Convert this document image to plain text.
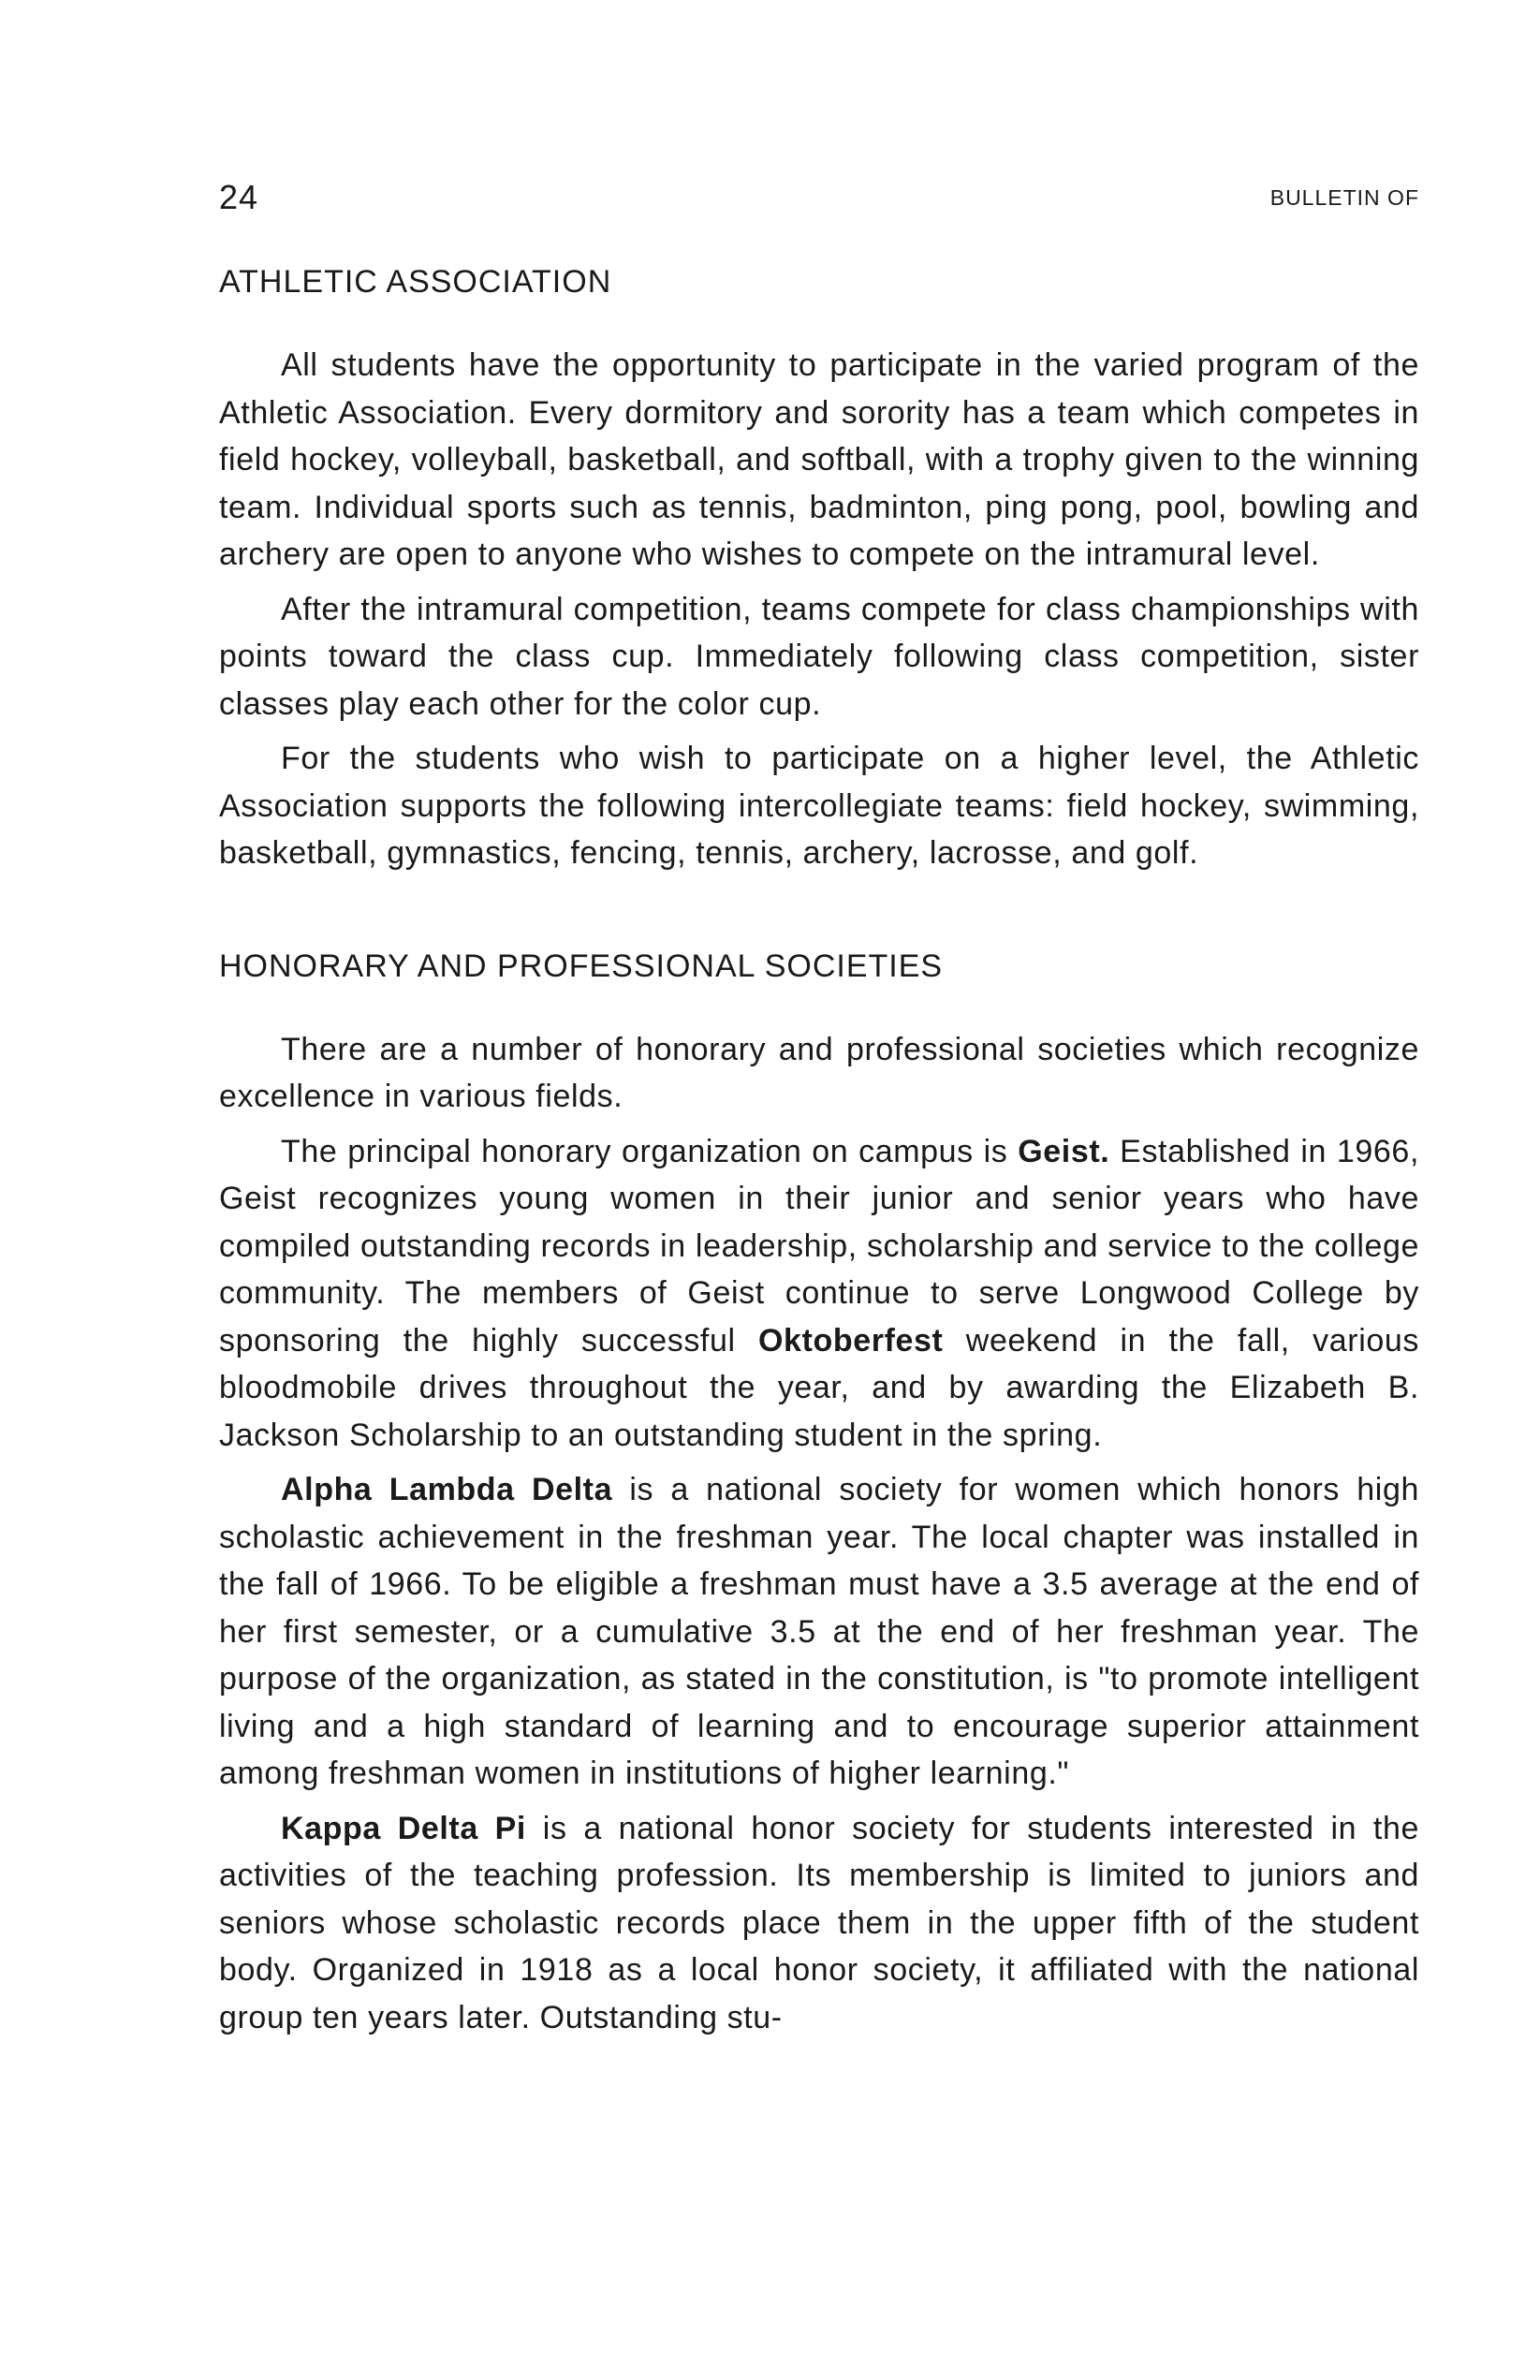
24	BULLETIN OF
ATHLETIC ASSOCIATION

All students have the opportunity to participate in the varied program of the Athletic Association. Every dormitory and sorority has a team which competes in field hockey, volleyball, basketball, and softball, with a trophy given to the winning team. Individual sports such as tennis, badminton, ping pong, pool, bowling and archery are open to anyone who wishes to compete on the intramural level.

After the intramural competition, teams compete for class championships with points toward the class cup. Immediately following class competition, sister classes play each other for the color cup.

For the students who wish to participate on a higher level, the Athletic Association supports the following intercollegiate teams: field hockey, swimming, basketball, gymnastics, fencing, tennis, archery, lacrosse, and golf.

HONORARY AND PROFESSIONAL SOCIETIES

There are a number of honorary and professional societies which recognize excellence in various fields.

The principal honorary organization on campus is Geist. Established in 1966, Geist recognizes young women in their junior and senior years who have compiled outstanding records in leadership, scholarship and service to the college community. The members of Geist continue to serve Longwood College by sponsoring the highly successful Oktoberfest weekend in the fall, various bloodmobile drives throughout the year, and by awarding the Elizabeth B. Jackson Scholarship to an outstanding student in the spring.

Alpha Lambda Delta is a national society for women which honors high scholastic achievement in the freshman year. The local chapter was installed in the fall of 1966. To be eligible a freshman must have a 3.5 average at the end of her first semester, or a cumulative 3.5 at the end of her freshman year. The purpose of the organization, as stated in the constitution, is "to promote intelligent living and a high standard of learning and to encourage superior attainment among freshman women in institutions of higher learning."

Kappa Delta Pi is a national honor society for students interested in the activities of the teaching profession. Its membership is limited to juniors and seniors whose scholastic records place them in the upper fifth of the student body. Organized in 1918 as a local honor society, it affiliated with the national group ten years later. Outstanding stu-
